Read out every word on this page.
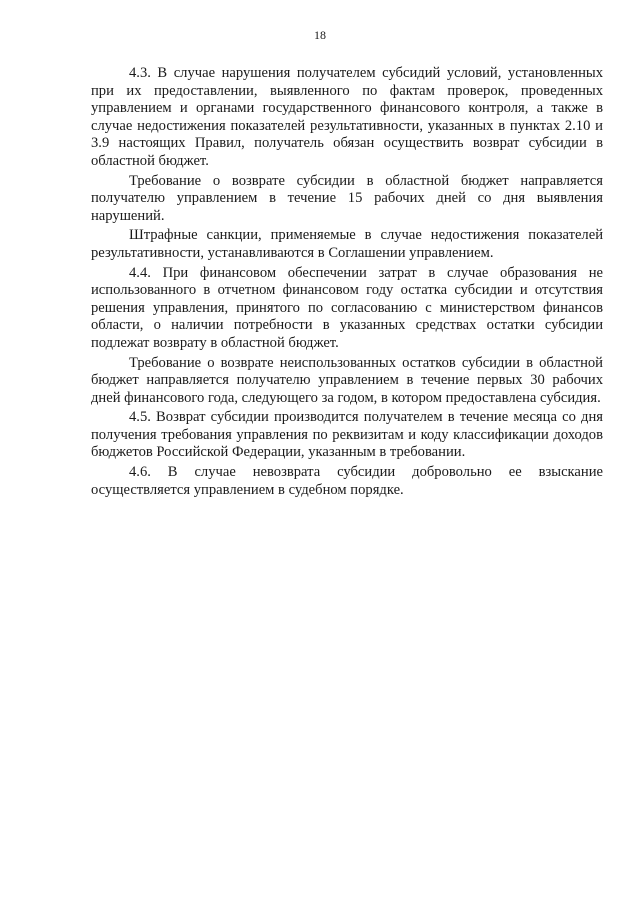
18

4.3. В случае нарушения получателем субсидий условий, установленных при их предоставлении, выявленного по фактам проверок, проведенных управлением и органами государственного финансового контроля, а также в случае недостижения показателей результативности, указанных в пунктах 2.10 и 3.9 настоящих Правил, получатель обязан осуществить возврат субсидии в областной бюджет.

Требование о возврате субсидии в областной бюджет направляется получателю управлением в течение 15 рабочих дней со дня выявления нарушений.

Штрафные санкции, применяемые в случае недостижения показателей результативности, устанавливаются в Соглашении управлением.

4.4. При финансовом обеспечении затрат в случае образования не использованного в отчетном финансовом году остатка субсидии и отсутствия решения управления, принятого по согласованию с министерством финансов области, о наличии потребности в указанных средствах остатки субсидии подлежат возврату в областной бюджет.

Требование о возврате неиспользованных остатков субсидии в областной бюджет направляется получателю управлением в течение первых 30 рабочих дней финансового года, следующего за годом, в котором предоставлена субсидия.

4.5. Возврат субсидии производится получателем в течение месяца со дня получения требования управления по реквизитам и коду классификации доходов бюджетов Российской Федерации, указанным в требовании.

4.6. В случае невозврата субсидии добровольно ее взыскание осуществляется управлением в судебном порядке.
